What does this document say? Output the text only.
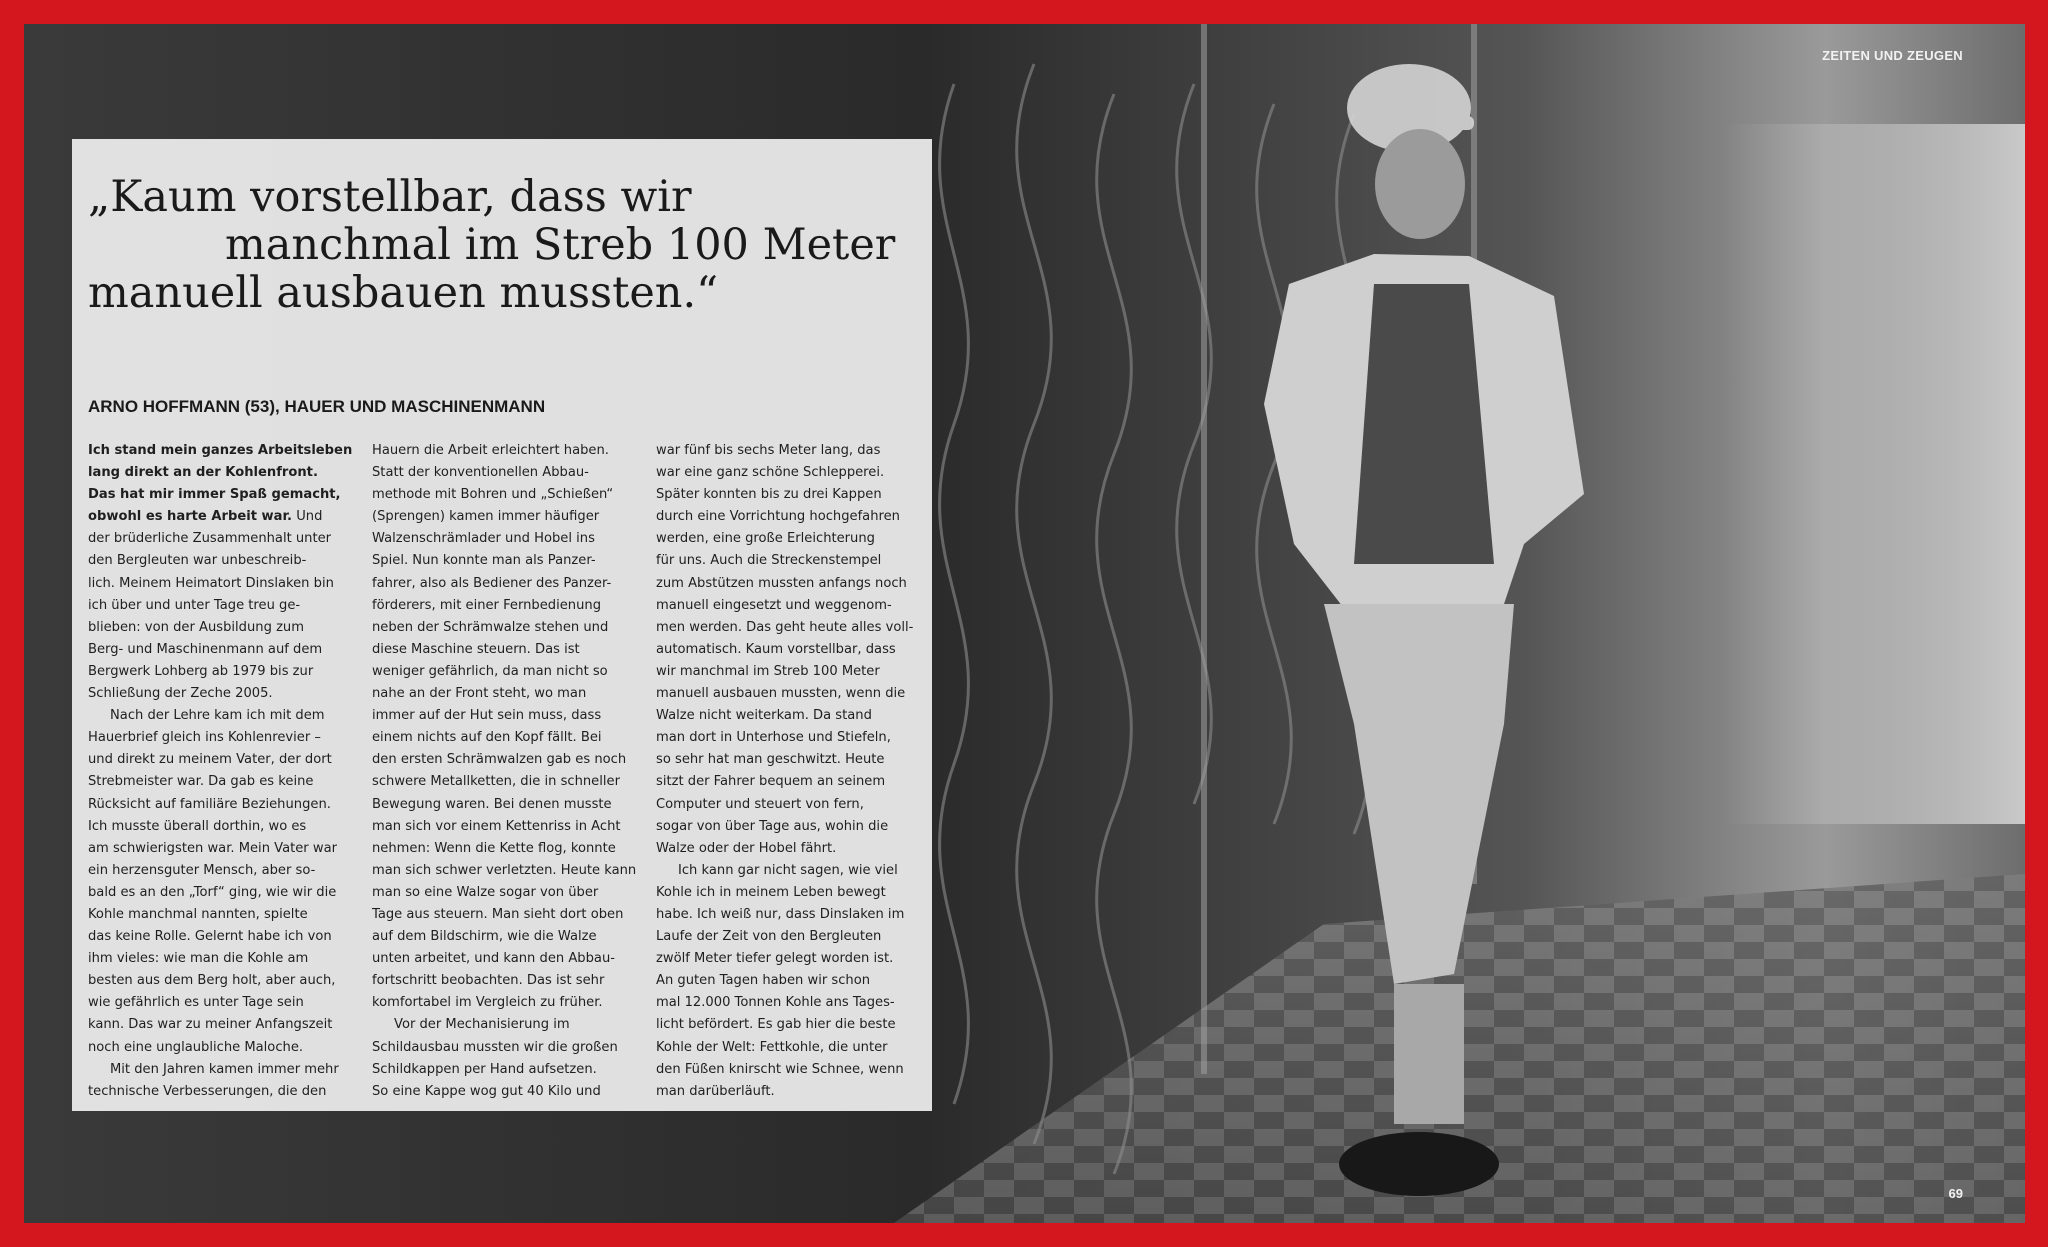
ZEITEN UND ZEUGEN
69
„Kaum vorstellbar, dass wir
manchmal im Streb 100 Meter
manuell ausbauen mussten.“
ARNO HOFFMANN (53), HAUER UND MASCHINENMANN
Ich stand mein ganzes Arbeitsleben
lang direkt an der Kohlenfront.
Das hat mir immer Spaß gemacht,
obwohl es harte Arbeit war. Und
der brüderliche Zusammenhalt unter
den Bergleuten war unbeschreib-
lich. Meinem Heimatort Dinslaken bin
ich über und unter Tage treu ge-
blieben: von der Ausbildung zum
Berg- und Maschinenmann auf dem
Bergwerk Lohberg ab 1979 bis zur
Schließung der Zeche 2005.
Nach der Lehre kam ich mit dem
Hauerbrief gleich ins Kohlenrevier –
und direkt zu meinem Vater, der dort
Strebmeister war. Da gab es keine
Rücksicht auf familiäre Beziehungen.
Ich musste überall dorthin, wo es
am schwierigsten war. Mein Vater war
ein herzensguter Mensch, aber so-
bald es an den „Torf“ ging, wie wir die
Kohle manchmal nannten, spielte
das keine Rolle. Gelernt habe ich von
ihm vieles: wie man die Kohle am
besten aus dem Berg holt, aber auch,
wie gefährlich es unter Tage sein
kann. Das war zu meiner Anfangszeit
noch eine unglaubliche Maloche.
Mit den Jahren kamen immer mehr
technische Verbesserungen, die den
Hauern die Arbeit erleichtert haben.
Statt der konventionellen Abbau-
methode mit Bohren und „Schießen“
(Sprengen) kamen immer häufiger
Walzenschrämlader und Hobel ins
Spiel. Nun konnte man als Panzer-
fahrer, also als Bediener des Panzer-
förderers, mit einer Fernbedienung
neben der Schrämwalze stehen und
diese Maschine steuern. Das ist
weniger gefährlich, da man nicht so
nahe an der Front steht, wo man
immer auf der Hut sein muss, dass
einem nichts auf den Kopf fällt. Bei
den ersten Schrämwalzen gab es noch
schwere Metallketten, die in schneller
Bewegung waren. Bei denen musste
man sich vor einem Kettenriss in Acht
nehmen: Wenn die Kette flog, konnte
man sich schwer verletzten. Heute kann
man so eine Walze sogar von über
Tage aus steuern. Man sieht dort oben
auf dem Bildschirm, wie die Walze
unten arbeitet, und kann den Abbau-
fortschritt beobachten. Das ist sehr
komfortabel im Vergleich zu früher.
Vor der Mechanisierung im
Schildausbau mussten wir die großen
Schildkappen per Hand aufsetzen.
So eine Kappe wog gut 40 Kilo und
war fünf bis sechs Meter lang, das
war eine ganz schöne Schlepperei.
Später konnten bis zu drei Kappen
durch eine Vorrichtung hochgefahren
werden, eine große Erleichterung
für uns. Auch die Streckenstempel
zum Abstützen mussten anfangs noch
manuell eingesetzt und weggenom-
men werden. Das geht heute alles voll-
automatisch. Kaum vorstellbar, dass
wir manchmal im Streb 100 Meter
manuell ausbauen mussten, wenn die
Walze nicht weiterkam. Da stand
man dort in Unterhose und Stiefeln,
so sehr hat man geschwitzt. Heute
sitzt der Fahrer bequem an seinem
Computer und steuert von fern,
sogar von über Tage aus, wohin die
Walze oder der Hobel fährt.
Ich kann gar nicht sagen, wie viel
Kohle ich in meinem Leben bewegt
habe. Ich weiß nur, dass Dinslaken im
Laufe der Zeit von den Bergleuten
zwölf Meter tiefer gelegt worden ist.
An guten Tagen haben wir schon
mal 12.000 Tonnen Kohle ans Tages-
licht befördert. Es gab hier die beste
Kohle der Welt: Fettkohle, die unter
den Füßen knirscht wie Schnee, wenn
man darüberläuft.
